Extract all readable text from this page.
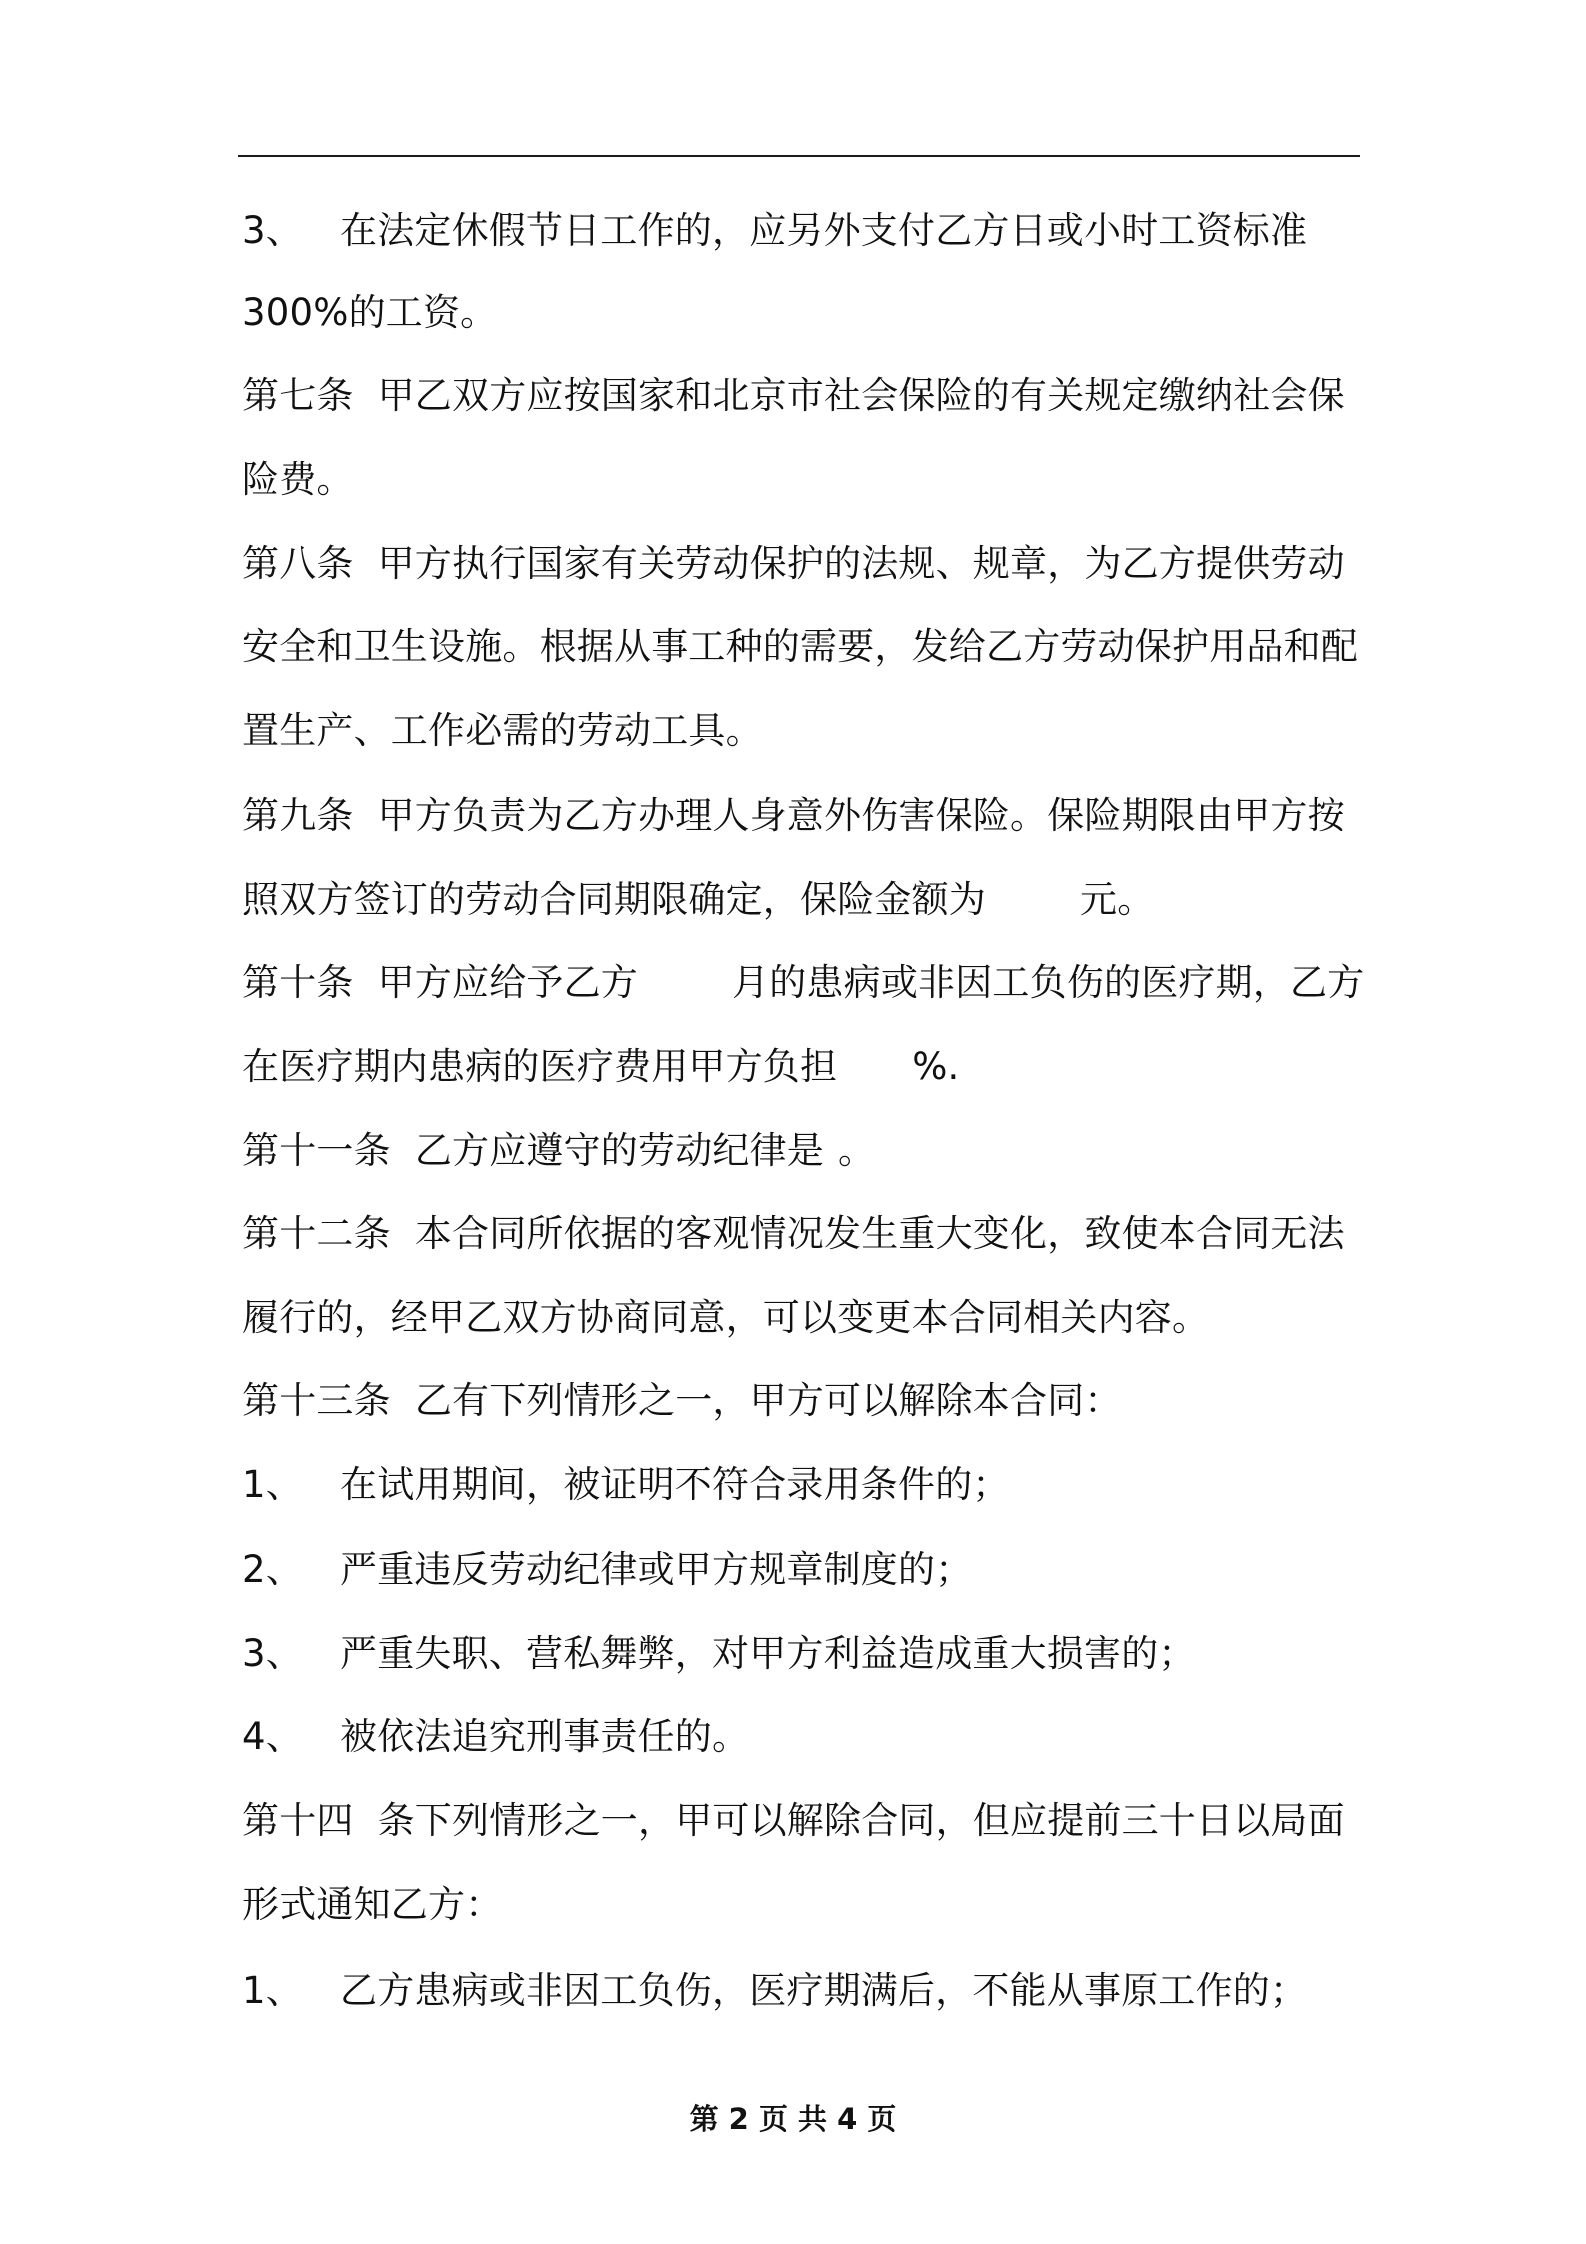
3、 在法定休假节日工作的，应另外支付乙方日或小时工资标准
300%的工资。
第七条 甲乙双方应按国家和北京市社会保险的有关规定缴纳社会保
险费。
第八条 甲方执行国家有关劳动保护的法规、规章，为乙方提供劳动
安全和卫生设施。根据从事工种的需要，发给乙方劳动保护用品和配
置生产、工作必需的劳动工具。
第九条 甲方负责为乙方办理人身意外伤害保险。保险期限由甲方按
照双方签订的劳动合同期限确定，保险金额为	元。
第十条 甲方应给予乙方	月的患病或非因工负伤的医疗期，乙方
在医疗期内患病的医疗费用甲方负担 %.
第十一条 乙方应遵守的劳动纪律是 。
第十二条 本合同所依据的客观情况发生重大变化，致使本合同无法
履行的，经甲乙双方协商同意，可以变更本合同相关内容。
第十三条 乙有下列情形之一，甲方可以解除本合同：
1、 在试用期间，被证明不符合录用条件的；
2、 严重违反劳动纪律或甲方规章制度的；
3、 严重失职、营私舞弊，对甲方利益造成重大损害的；
4、 被依法追究刑事责任的。
第十四 条下列情形之一，甲可以解除合同，但应提前三十日以局面
形式通知乙方：
1、 乙方患病或非因工负伤，医疗期满后，不能从事原工作的；
第 2 页 共 4 页
